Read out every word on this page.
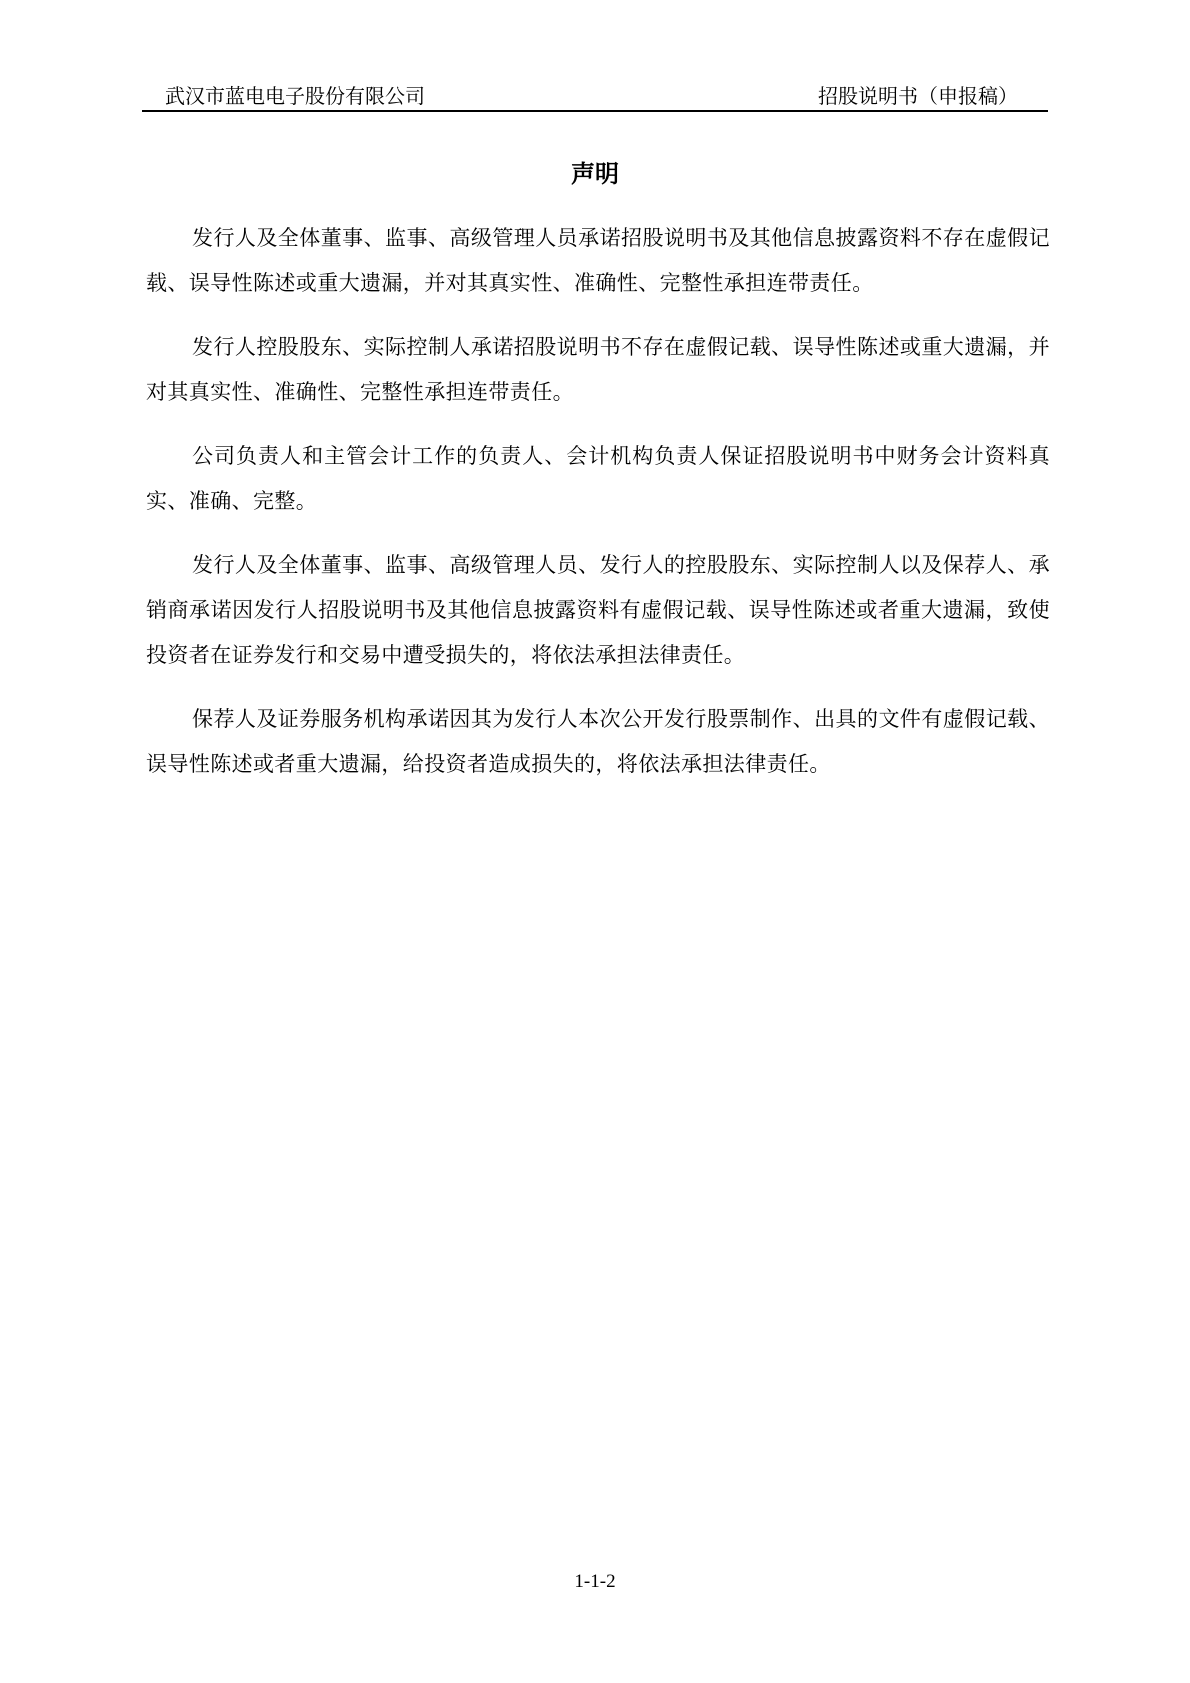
武汉市蓝电电子股份有限公司	招股说明书（申报稿）
声明

发行人及全体董事、监事、高级管理人员承诺招股说明书及其他信息披露资料不存在虚假记载、误导性陈述或重大遗漏，并对其真实性、准确性、完整性承担连带责任。

发行人控股股东、实际控制人承诺招股说明书不存在虚假记载、误导性陈述或重大遗漏，并对其真实性、准确性、完整性承担连带责任。

公司负责人和主管会计工作的负责人、会计机构负责人保证招股说明书中财务会计资料真实、准确、完整。

发行人及全体董事、监事、高级管理人员、发行人的控股股东、实际控制人以及保荐人、承销商承诺因发行人招股说明书及其他信息披露资料有虚假记载、误导性陈述或者重大遗漏，致使投资者在证券发行和交易中遭受损失的，将依法承担法律责任。

保荐人及证券服务机构承诺因其为发行人本次公开发行股票制作、出具的文件有虚假记载、误导性陈述或者重大遗漏，给投资者造成损失的，将依法承担法律责任。

1-1-2
